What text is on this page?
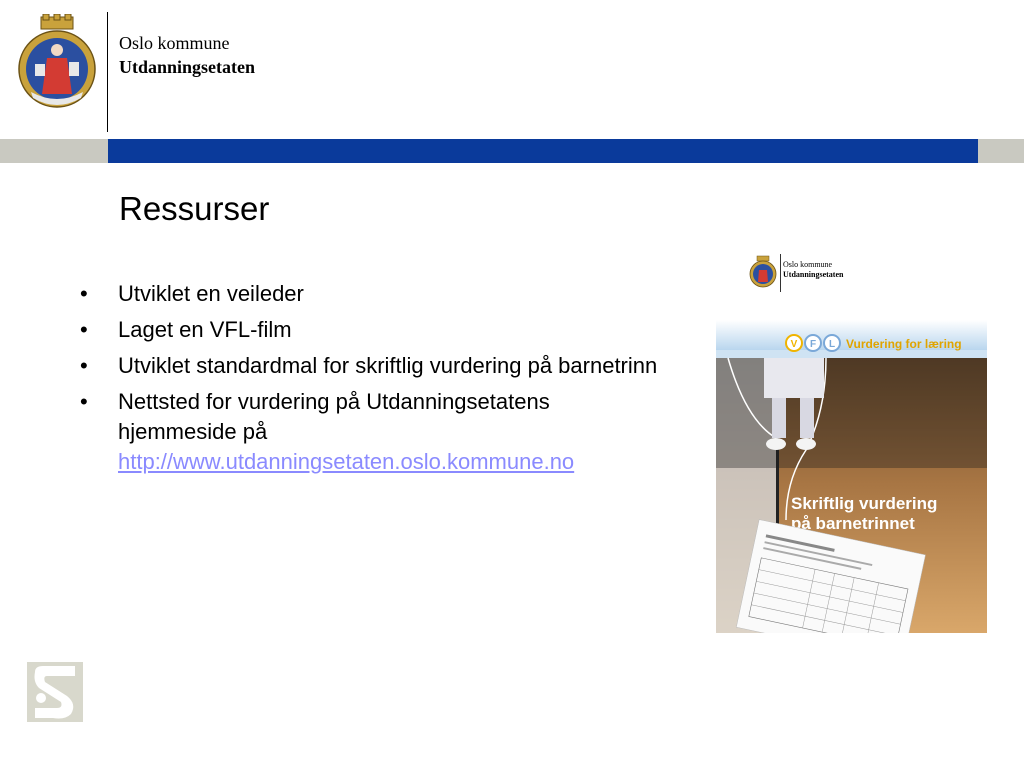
Oslo kommune
Utdanningsetaten
Ressurser
• Utviklet en veileder
• Laget en VFL-film
• Utviklet standardmal for skriftlig vurdering på barnetrinn
• Nettsted for vurdering på Utdanningsetatens hjemmeside på
http://www.utdanningsetaten.oslo.kommune.no
Oslo kommune
Utdanningsetaten
V F L Vurdering for læring
Skriftlig vurdering
på barnetrinnet
